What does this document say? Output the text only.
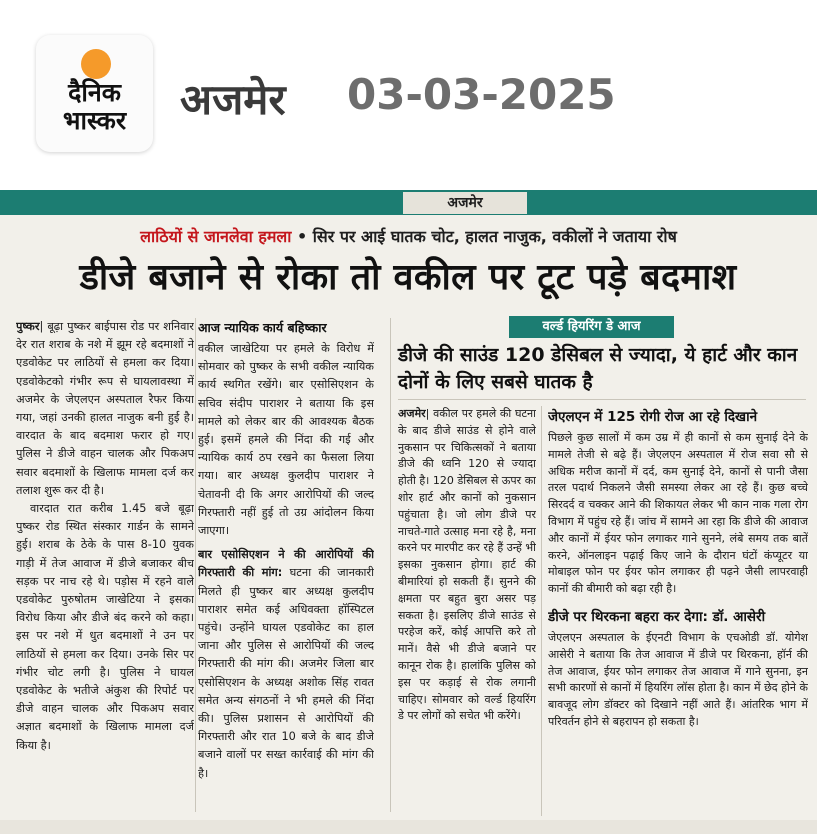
दैनिक
भास्कर	अजमेर 03-03-2025
अजमेर
लाठियों से जानलेवा हमला • सिर पर आई घातक चोट, हालत नाजुक, वकीलों ने जताया रोष
डीजे बजाने से रोका तो वकील पर टूट पड़े बदमाश

पुष्कर| बूढ़ा पुष्कर बाईपास रोड पर शनिवार देर रात शराब के नशे में झूम रहे बदमाशों ने एडवोकेट पर लाठियों से हमला कर दिया। एडवोकेटको गंभीर रूप से घायलावस्था में अजमेर के जेएलएन अस्पताल रैफर किया गया, जहां उनकी हालत नाजुक बनी हुई है। वारदात के बाद बदमाश फरार हो गए। पुलिस ने डीजे वाहन चालक और पिकअप सवार बदमाशों के खिलाफ मामला दर्ज कर तलाश शुरू कर दी है।

वारदात रात करीब 1.45 बजे बूढ़ा पुष्कर रोड स्थित संस्कार गार्डन के सामने हुई। शराब के ठेके के पास 8-10 युवक गाड़ी में तेज आवाज में डीजे बजाकर बीच सड़क पर नाच रहे थे। पड़ोस में रहने वाले एडवोकेट पुरुषोतम जाखेटिया ने इसका विरोध किया और डीजे बंद करने को कहा। इस पर नशे में धुत बदमाशों ने उन पर लाठियों से हमला कर दिया। उनके सिर पर गंभीर चोट लगी है। पुलिस ने घायल एडवोकेट के भतीजे अंकुश की रिपोर्ट पर डीजे वाहन चालक और पिकअप सवार अज्ञात बदमाशों के खिलाफ मामला दर्ज किया है।

आज न्यायिक कार्य बहिष्कार

वकील जाखेटिया पर हमले के विरोध में सोमवार को पुष्कर के सभी वकील न्यायिक कार्य स्थगित रखेंगे। बार एसोसिएशन के सचिव संदीप पाराशर ने बताया कि इस मामले को लेकर बार की आवश्यक बैठक हुई। इसमें हमले की निंदा की गई और न्यायिक कार्य ठप रखने का फैसला लिया गया। बार अध्यक्ष कुलदीप पाराशर ने चेतावनी दी कि अगर आरोपियों की जल्द गिरफ्तारी नहीं हुई तो उग्र आंदोलन किया जाएगा।

बार एसोसिएशन ने की आरोपियों की गिरफ्तारी की मांग: घटना की जानकारी मिलते ही पुष्कर बार अध्यक्ष कुलदीप पाराशर समेत कई अधिवक्ता हॉस्पिटल पहुंचे। उन्होंने घायल एडवोकेट का हाल जाना और पुलिस से आरोपियों की जल्द गिरफ्तारी की मांग की। अजमेर जिला बार एसोसिएशन के अध्यक्ष अशोक सिंह रावत समेत अन्य संगठनों ने भी हमले की निंदा की। पुलिस प्रशासन से आरोपियों की गिरफ्तारी और रात 10 बजे के बाद डीजे बजाने वालों पर सख्त कार्रवाई की मांग की है।

वर्ल्ड हियरिंग डे आज
डीजे की साउंड 120 डेसिबल से ज्यादा, ये हार्ट और कान दोनों के लिए सबसे घातक है

अजमेर| वकील पर हमले की घटना के बाद डीजे साउंड से होने वाले नुकसान पर चिकित्सकों ने बताया डीजे की ध्वनि 120 से ज्यादा होती है। 120 डेसिबल से ऊपर का शोर हार्ट और कानों को नुकसान पहुंचाता है। जो लोग डीजे पर नाचते-गाते उत्साह मना रहे है, मना करने पर मारपीट कर रहे हैं उन्हें भी इसका नुकसान होगा। हार्ट की बीमारियां हो सकती हैं। सुनने की क्षमता पर बहुत बुरा असर पड़ सकता है। इसलिए डीजे साउंड से परहेज करें, कोई आपत्ति करे तो मानें। वैसे भी डीजे बजाने पर कानून रोक है। हालांकि पुलिस को इस पर कड़ाई से रोक लगानी चाहिए। सोमवार को वर्ल्ड हियरिंग डे पर लोगों को सचेत भी करेंगे।

जेएलएन में 125 रोगी रोज आ रहे दिखाने

पिछले कुछ सालों में कम उम्र में ही कानों से कम सुनाई देने के मामले तेजी से बढ़े हैं। जेएलएन अस्पताल में रोज सवा सौ से अधिक मरीज कानों में दर्द, कम सुनाई देने, कानों से पानी जैसा तरल पदार्थ निकलने जैसी समस्या लेकर आ रहे हैं। कुछ बच्चे सिरदर्द व चक्कर आने की शिकायत लेकर भी कान नाक गला रोग विभाग में पहुंच रहे हैं। जांच में सामने आ रहा कि डीजे की आवाज और कानों में ईयर फोन लगाकर गाने सुनने, लंबे समय तक बातें करने, ऑनलाइन पढ़ाई किए जाने के दौरान घंटों कंप्यूटर या मोबाइल फोन पर ईयर फोन लगाकर ही पढ़ने जैसी लापरवाही कानों की बीमारी को बढ़ा रही है।

डीजे पर थिरकना बहरा कर देगा: डॉ. आसेरी

जेएलएन अस्पताल के ईएनटी विभाग के एचओडी डॉ. योगेश आसेरी ने बताया कि तेज आवाज में डीजे पर थिरकना, हॉर्न की तेज आवाज, ईयर फोन लगाकर तेज आवाज में गाने सुनना, इन सभी कारणों से कानों में हियरिंग लॉस होता है। कान में छेद होने के बावजूद लोग डॉक्टर को दिखाने नहीं आते हैं। आंतरिक भाग में परिवर्तन होने से बहरापन हो सकता है।
